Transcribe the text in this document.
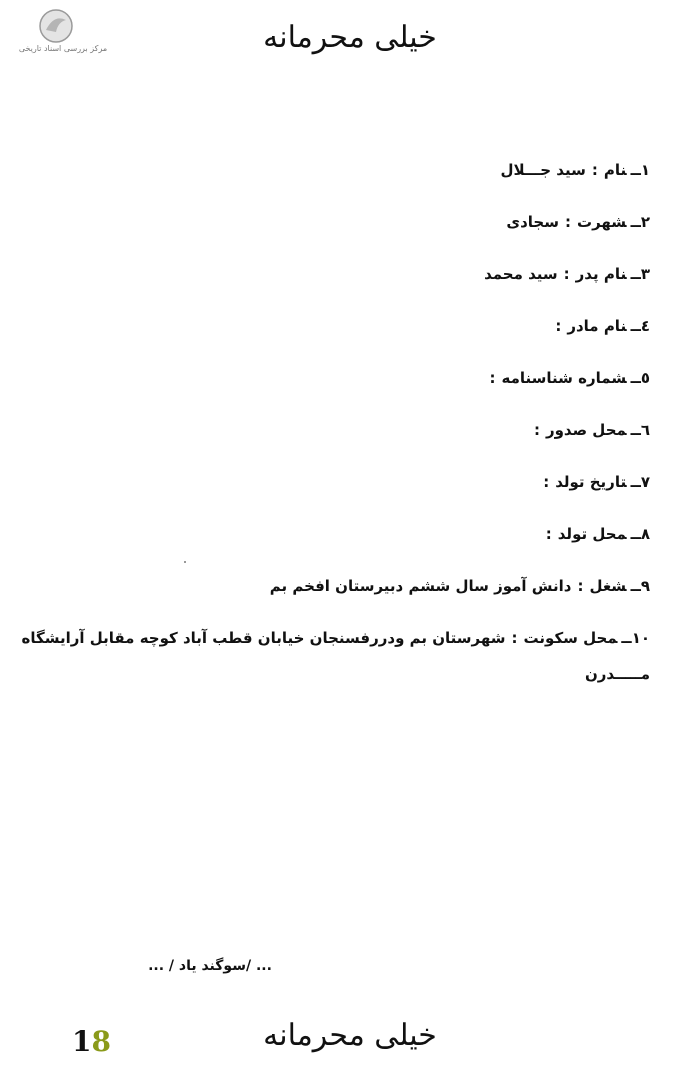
مرکز بررسی اسناد تاریخی	خیلی محرمانه
۱ــنام:سید جـــلال
۲ــشهرت:سجادی
۳ــنام پدر:سید محمد
٤ــنام مادر:
٥ــشماره شناسنامه:
٦ــمحل صدور:
۷ــتاریخ تولد:
۸ــمحل تولد:
۹ــشغل:دانش آموز سال ششم دبیرستان افخم بم
۱۰ــمحل سکونت:شهرستان بم ودررفسنجان خیابان قطب آباد کوچه مقابل آرایشگاه
مـــــدرن
... /سوگند یاد / ...
18	خیلی محرمانه
